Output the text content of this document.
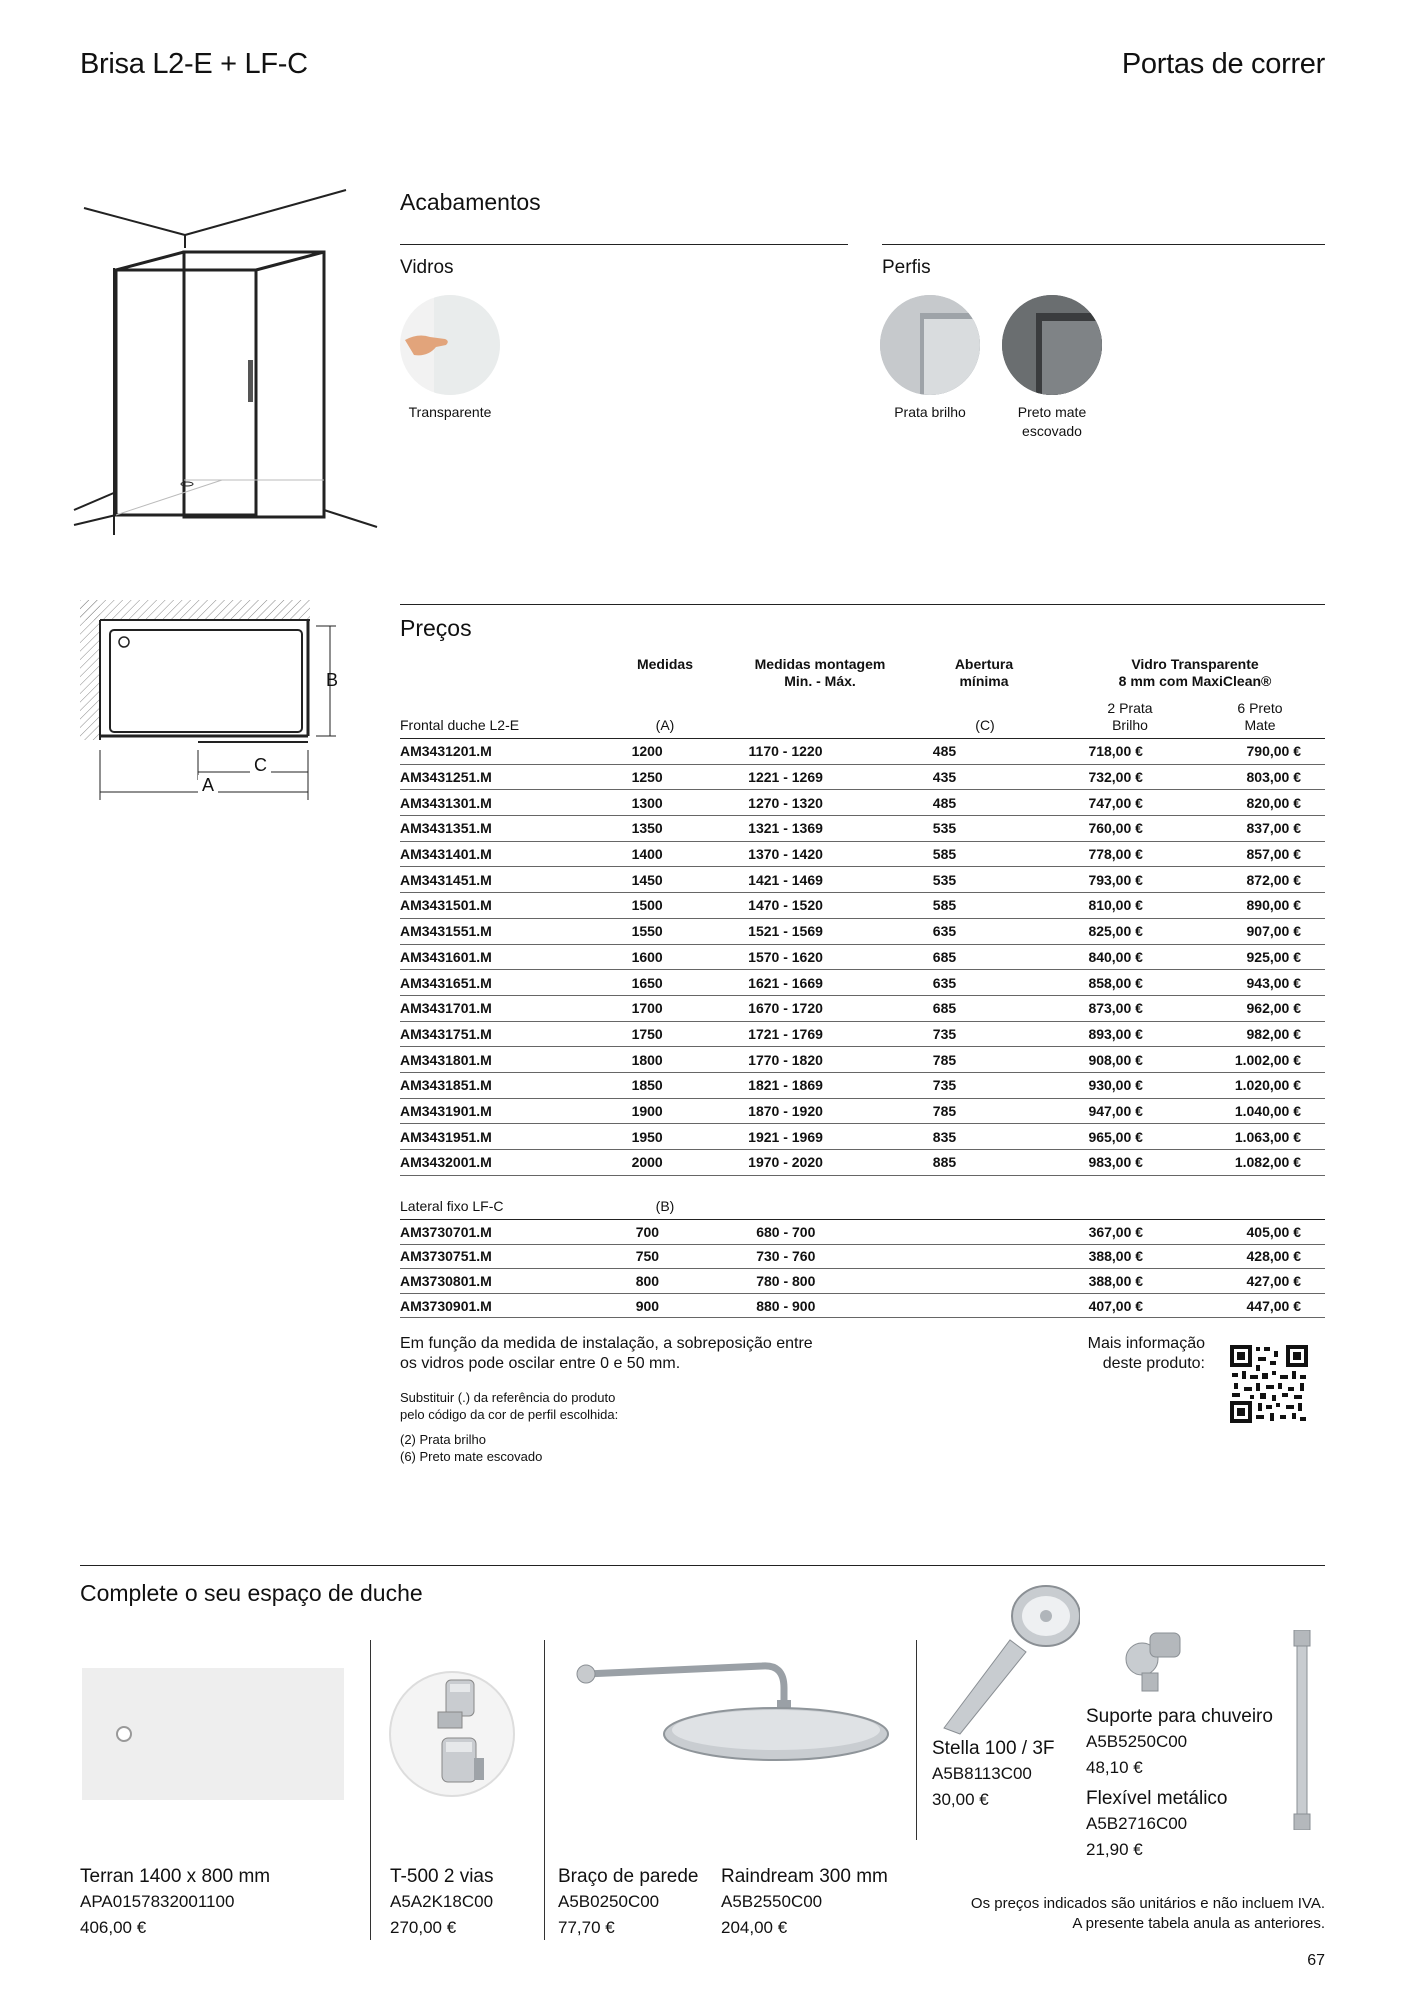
Brisa L2-E + LF-C	Portas de correr
B
C
A
Acabamentos
Vidros	Perfis
Transparente	Prata brilho	Preto mate
escovado
Preços
Medidas	Medidas montagem
Min. - Máx.
Abertura
mínima
Vidro Transparente
8 mm com MaxiClean®
2 Prata
Brilho
6 Preto
Mate
Frontal duche L2-E	(A)	(C)
AM3431201.M	1200	1170 - 1220	485	718,00 €	790,00 €
AM3431251.M	1250	1221 - 1269	435	732,00 €	803,00 €
AM3431301.M	1300	1270 - 1320	485	747,00 €	820,00 €
AM3431351.M	1350	1321 - 1369	535	760,00 €	837,00 €
AM3431401.M	1400	1370 - 1420	585	778,00 €	857,00 €
AM3431451.M	1450	1421 - 1469	535	793,00 €	872,00 €
AM3431501.M	1500	1470 - 1520	585	810,00 €	890,00 €
AM3431551.M	1550	1521 - 1569	635	825,00 €	907,00 €
AM3431601.M	1600	1570 - 1620	685	840,00 €	925,00 €
AM3431651.M	1650	1621 - 1669	635	858,00 €	943,00 €
AM3431701.M	1700	1670 - 1720	685	873,00 €	962,00 €
AM3431751.M	1750	1721 - 1769	735	893,00 €	982,00 €
AM3431801.M	1800	1770 - 1820	785	908,00 €	1.002,00 €
AM3431851.M	1850	1821 - 1869	735	930,00 €	1.020,00 €
AM3431901.M	1900	1870 - 1920	785	947,00 €	1.040,00 €
AM3431951.M	1950	1921 - 1969	835	965,00 €	1.063,00 €
AM3432001.M	2000	1970 - 2020	885	983,00 €	1.082,00 €
Lateral fixo LF-C	(B)
AM3730701.M	700	680 - 700		367,00 €	405,00 €
AM3730751.M	750	730 - 760		388,00 €	428,00 €
AM3730801.M	800	780 - 800		388,00 €	427,00 €
AM3730901.M	900	880 - 900		407,00 €	447,00 €
Em função da medida de instalação, a sobreposição entre
os vidros pode oscilar entre 0 e 50 mm.
Substituir (.) da referência do produto
pelo código da cor de perfil escolhida:
(2) Prata brilho
(6) Preto mate escovado
Mais informação
deste produto:
Complete o seu espaço de duche
Terran 1400 x 800 mm
APA0157832001100
406,00 €
T-500 2 vias
A5A2K18C00
270,00 €
Braço de parede
A5B0250C00
77,70 €
Raindream 300 mm
A5B2550C00
204,00 €
Stella 100 / 3F
A5B8113C00
30,00 €
Suporte para chuveiro
A5B5250C00
48,10 €
Flexível metálico
A5B2716C00
21,90 €
Os preços indicados são unitários e não incluem IVA.
A presente tabela anula as anteriores.
67
